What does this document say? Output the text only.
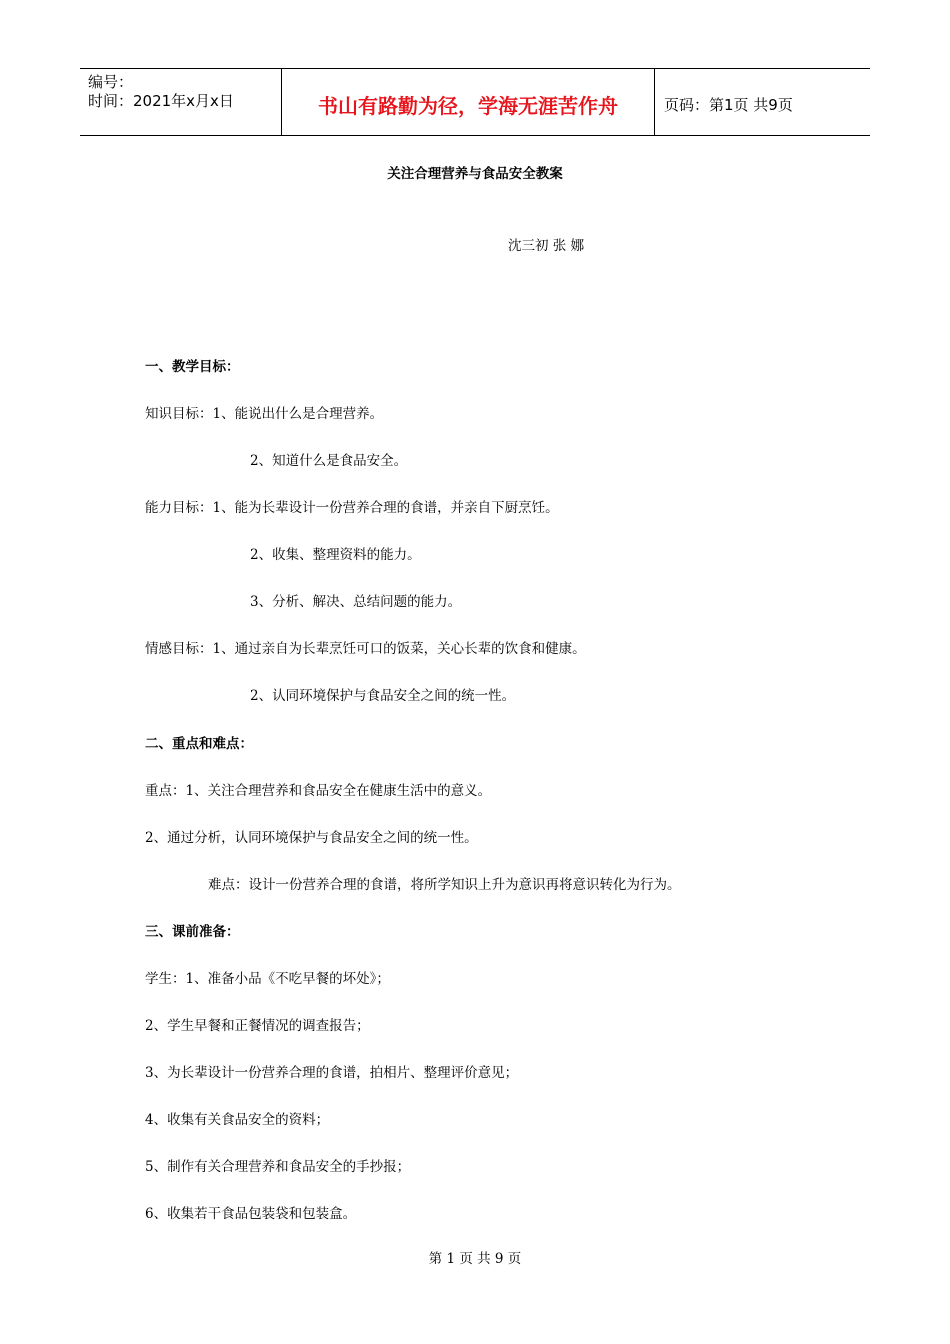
编号：
时间：2021年x月x日	书山有路勤为径，学海无涯苦作舟	页码：第1页 共9页
关注合理营养与食品安全教案
沈三初 张 娜
一、教学目标：
知识目标：1、能说出什么是合理营养。
2、知道什么是食品安全。
能力目标：1、能为长辈设计一份营养合理的食谱，并亲自下厨烹饪。
2、收集、整理资料的能力。
3、分析、解决、总结问题的能力。
情感目标：1、通过亲自为长辈烹饪可口的饭菜，关心长辈的饮食和健康。
2、认同环境保护与食品安全之间的统一性。
二、重点和难点：
重点：1、关注合理营养和食品安全在健康生活中的意义。
2、通过分析，认同环境保护与食品安全之间的统一性。
难点：设计一份营养合理的食谱，将所学知识上升为意识再将意识转化为行为。
三、课前准备：
学生：1、准备小品《不吃早餐的坏处》；
2、学生早餐和正餐情况的调查报告；
3、为长辈设计一份营养合理的食谱，拍相片、整理评价意见；
4、收集有关食品安全的资料；
5、制作有关合理营养和食品安全的手抄报；
6、收集若干食品包装袋和包装盒。
第 1 页 共 9 页
